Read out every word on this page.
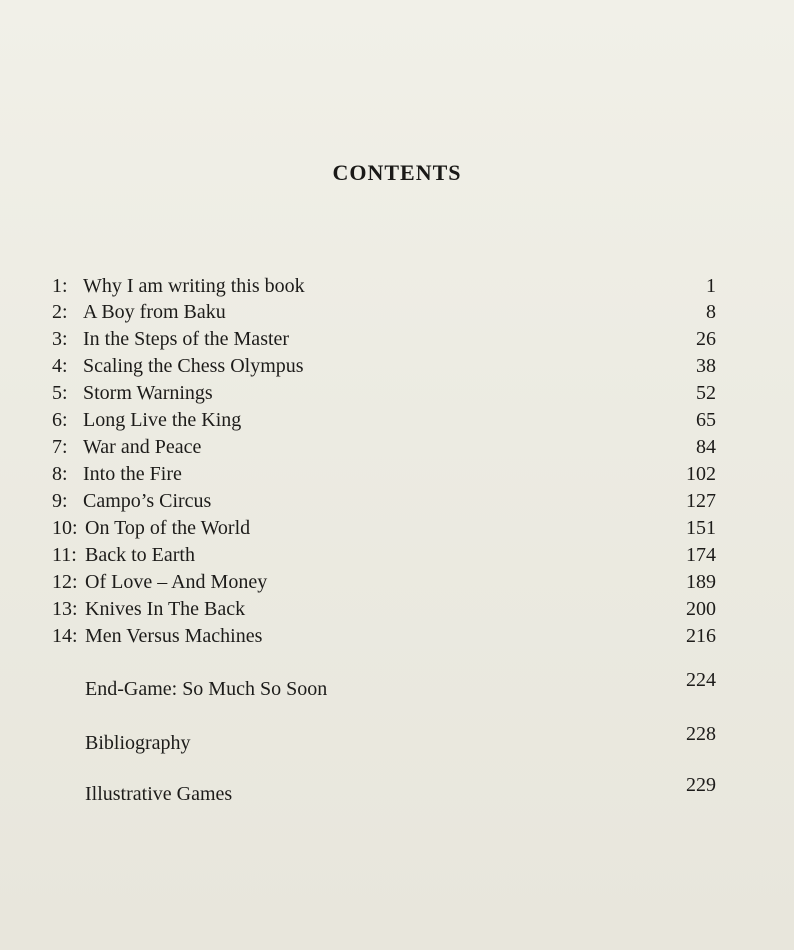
CONTENTS
1: Why I am writing this book	1
2: A Boy from Baku	8
3: In the Steps of the Master	26
4: Scaling the Chess Olympus	38
5: Storm Warnings	52
6: Long Live the King	65
7: War and Peace	84
8: Into the Fire	102
9: Campo’s Circus	127
10: On Top of the World	151
11: Back to Earth	174
12: Of Love – And Money	189
13: Knives In The Back	200
14: Men Versus Machines	216
End-Game: So Much So Soon	224
Bibliography	228
Illustrative Games	229
